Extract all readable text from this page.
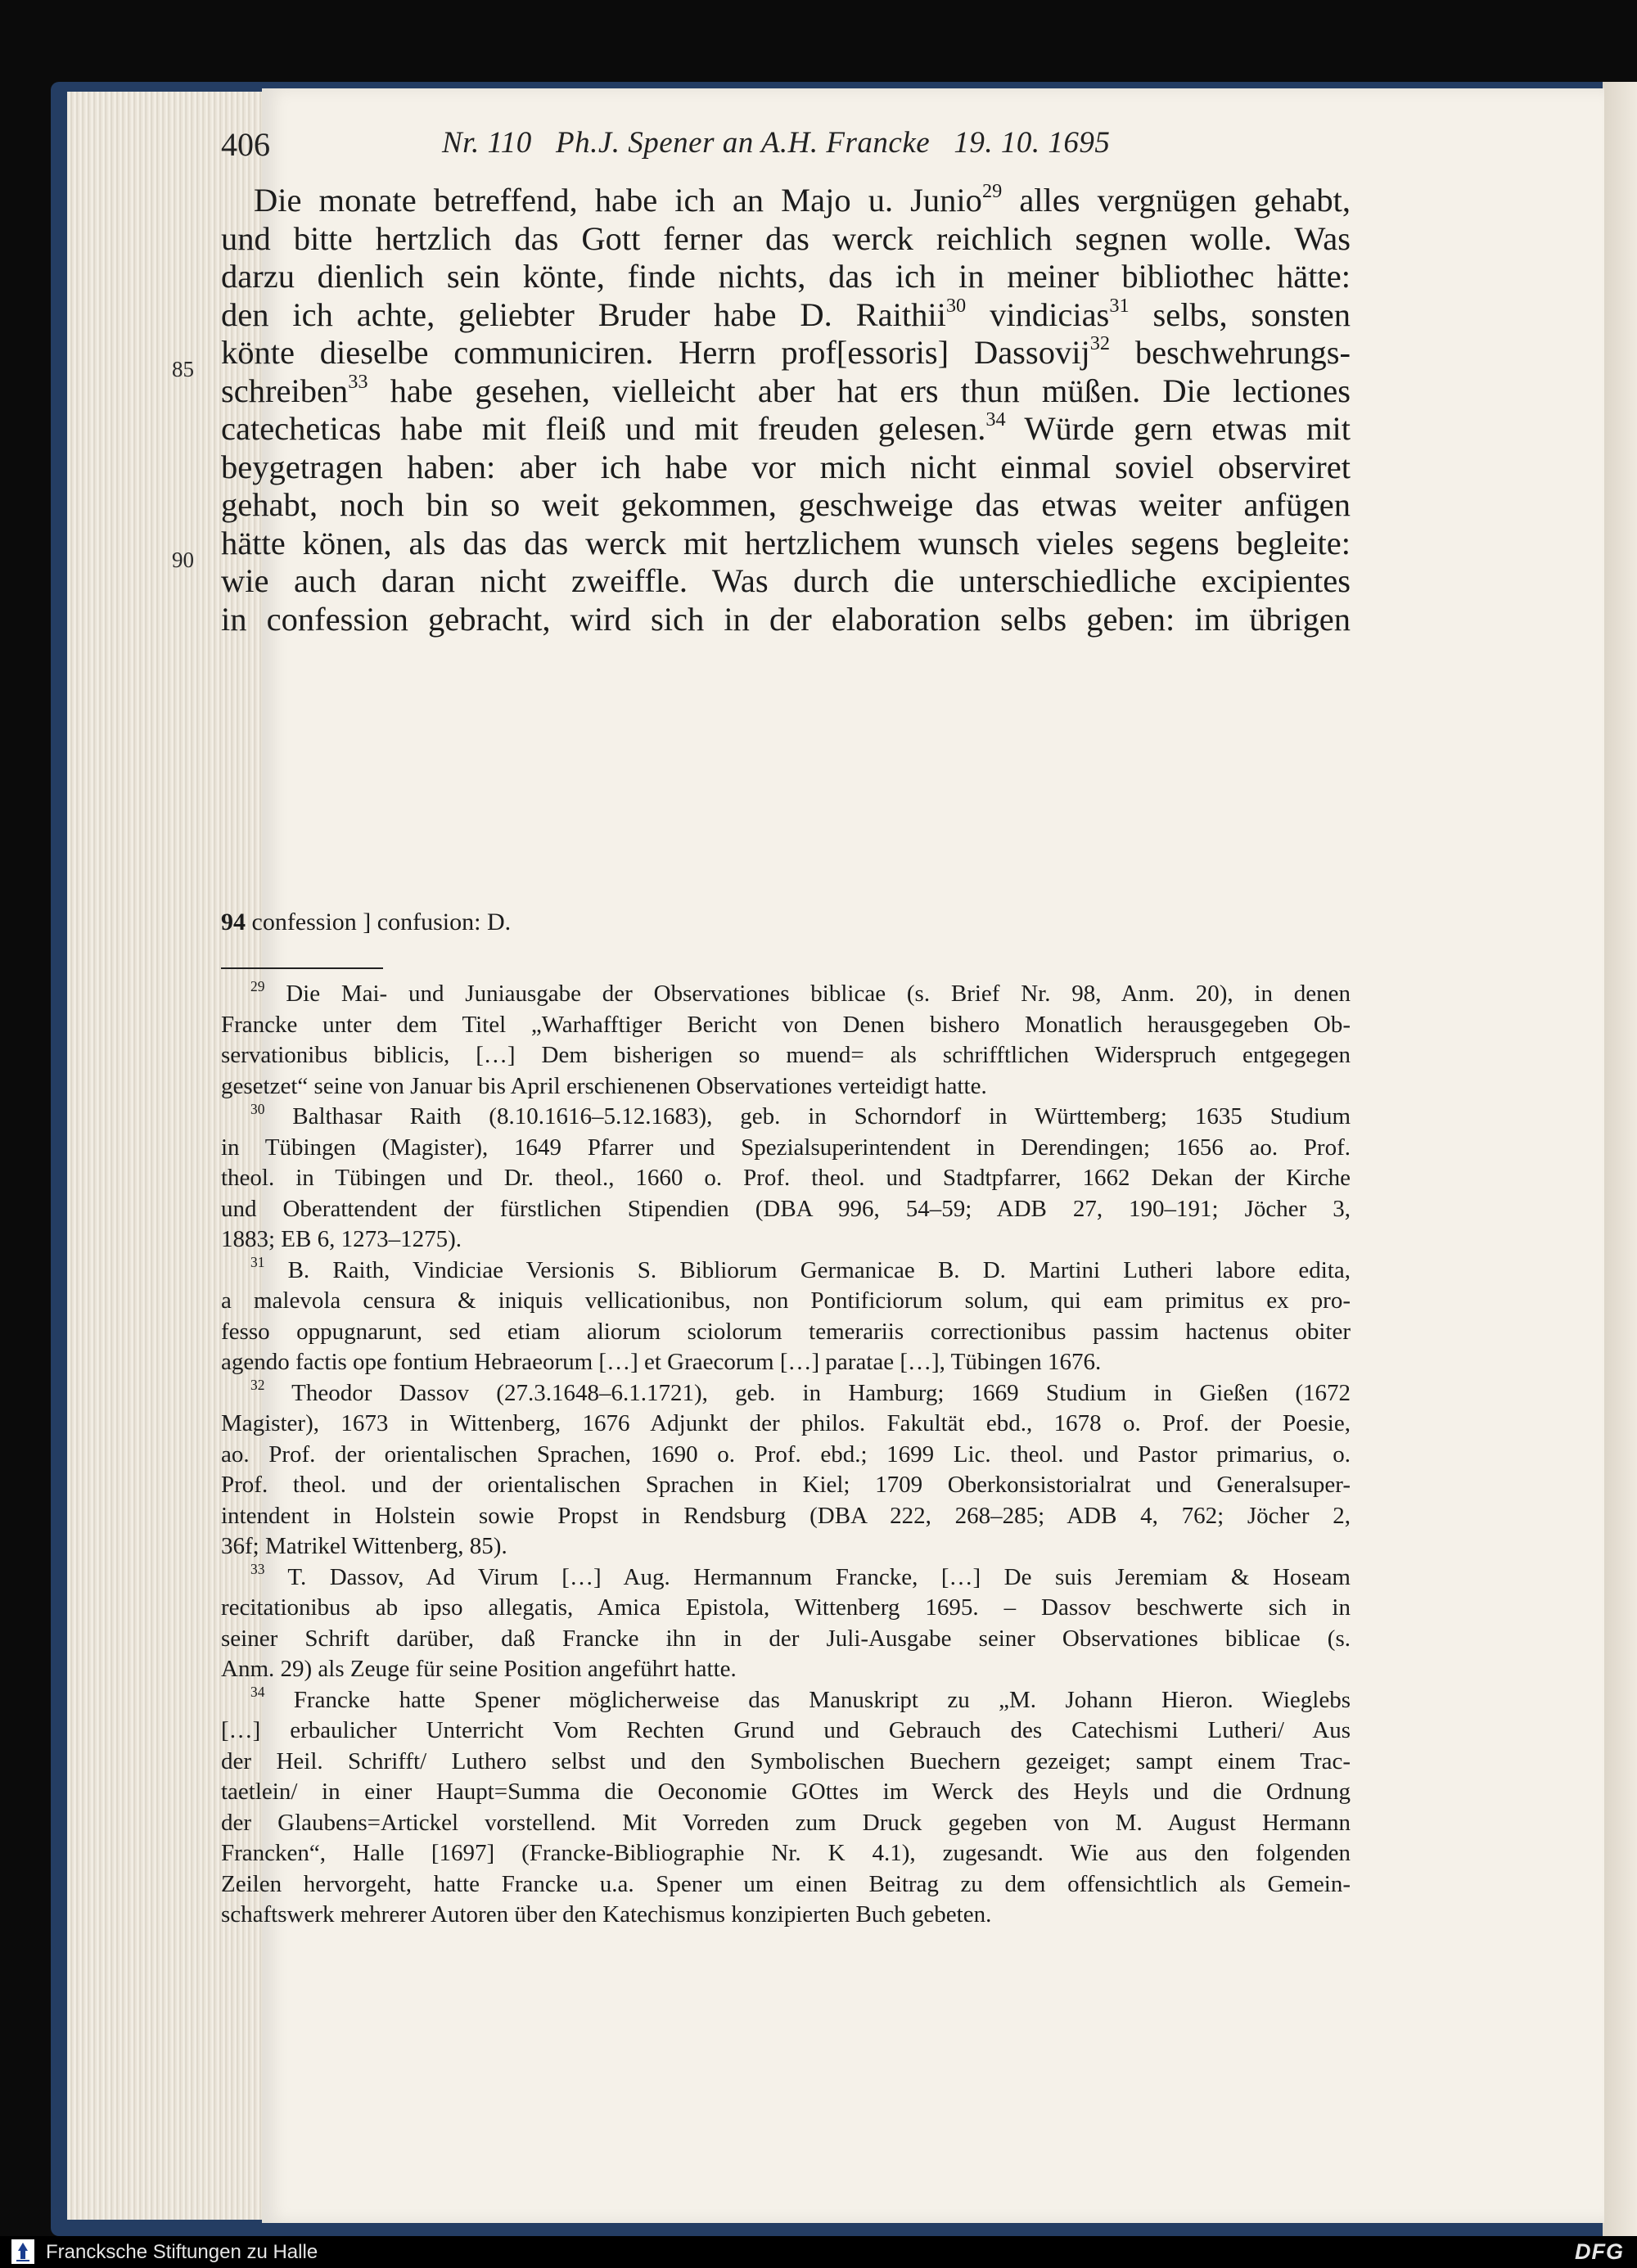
406	Nr. 110   Ph.J. Spener an A.H. Francke   19. 10. 1695
85
90
Die monate betreffend, habe ich an Majo u. Junio$^{29}$ alles vergnügen gehabt,
und bitte hertzlich das Gott ferner das werck reichlich segnen wolle. Was
darzu dienlich sein könte, finde nichts, das ich in meiner bibliothec hätte:
den ich achte, geliebter Bruder habe D. Raithii$^{30}$ vindicias$^{31}$ selbs, sonsten
könte dieselbe communiciren. Herrn prof[essoris] Dassovij$^{32}$ beschwehrungs-
schreiben$^{33}$ habe gesehen, vielleicht aber hat ers thun müßen. Die lectiones
catecheticas habe mit fleiß und mit freuden gelesen.$^{34}$ Würde gern etwas mit
beygetragen haben: aber ich habe vor mich nicht einmal soviel observiret
gehabt, noch bin so weit gekommen, geschweige das etwas weiter anfügen
hätte könen, als das das werck mit hertzlichem wunsch vieles segens begleite:
wie auch daran nicht zweiffle. Was durch die unterschiedliche excipientes
in confession gebracht, wird sich in der elaboration selbs geben: im übrigen
94 confession ] confusion: D.
$^{29}$ Die Mai- und Juniausgabe der Observationes biblicae (s. Brief Nr. 98, Anm. 20), in denen
Francke unter dem Titel „Warhafftiger Bericht von Denen bishero Monatlich herausgegeben Ob-
servationibus biblicis, […] Dem bisherigen so muend= als schrifftlichen Widerspruch entgegegen
gesetzet“ seine von Januar bis April erschienenen Observationes verteidigt hatte.
$^{30}$ Balthasar Raith (8.10.1616–5.12.1683), geb. in Schorndorf in Württemberg; 1635 Studium
in Tübingen (Magister), 1649 Pfarrer und Spezialsuperintendent in Derendingen; 1656 ao. Prof.
theol. in Tübingen und Dr. theol., 1660 o. Prof. theol. und Stadtpfarrer, 1662 Dekan der Kirche
und Oberattendent der fürstlichen Stipendien (DBA 996, 54–59; ADB 27, 190–191; Jöcher 3,
1883; EB 6, 1273–1275).
$^{31}$ B. Raith, Vindiciae Versionis S. Bibliorum Germanicae B. D. Martini Lutheri labore edita,
a malevola censura & iniquis vellicationibus, non Pontificiorum solum, qui eam primitus ex pro-
fesso oppugnarunt, sed etiam aliorum sciolorum temerariis correctionibus passim hactenus obiter
agendo factis ope fontium Hebraeorum […] et Graecorum […] paratae […], Tübingen 1676.
$^{32}$ Theodor Dassov (27.3.1648–6.1.1721), geb. in Hamburg; 1669 Studium in Gießen (1672
Magister), 1673 in Wittenberg, 1676 Adjunkt der philos. Fakultät ebd., 1678 o. Prof. der Poesie,
ao. Prof. der orientalischen Sprachen, 1690 o. Prof. ebd.; 1699 Lic. theol. und Pastor primarius, o.
Prof. theol. und der orientalischen Sprachen in Kiel; 1709 Oberkonsistorialrat und Generalsuper-
intendent in Holstein sowie Propst in Rendsburg (DBA 222, 268–285; ADB 4, 762; Jöcher 2,
36f; Matrikel Wittenberg, 85).
$^{33}$ T. Dassov, Ad Virum […] Aug. Hermannum Francke, […] De suis Jeremiam & Hoseam
recitationibus ab ipso allegatis, Amica Epistola, Wittenberg 1695. – Dassov beschwerte sich in
seiner Schrift darüber, daß Francke ihn in der Juli-Ausgabe seiner Observationes biblicae (s.
Anm. 29) als Zeuge für seine Position angeführt hatte.
$^{34}$ Francke hatte Spener möglicherweise das Manuskript zu „M. Johann Hieron. Wieglebs
[…] erbaulicher Unterricht Vom Rechten Grund und Gebrauch des Catechismi Lutheri/ Aus
der Heil. Schrifft/ Luthero selbst und den Symbolischen Buechern gezeiget; sampt einem Trac-
taetlein/ in einer Haupt=Summa die Oeconomie GOttes im Werck des Heyls und die Ordnung
der Glaubens=Artickel vorstellend. Mit Vorreden zum Druck gegeben von M. August Hermann
Francken“, Halle [1697] (Francke-Bibliographie Nr. K 4.1), zugesandt. Wie aus den folgenden
Zeilen hervorgeht, hatte Francke u.a. Spener um einen Beitrag zu dem offensichtlich als Gemein-
schaftswerk mehrerer Autoren über den Katechismus konzipierten Buch gebeten.
Francksche Stiftungen zu Halle	DFG
